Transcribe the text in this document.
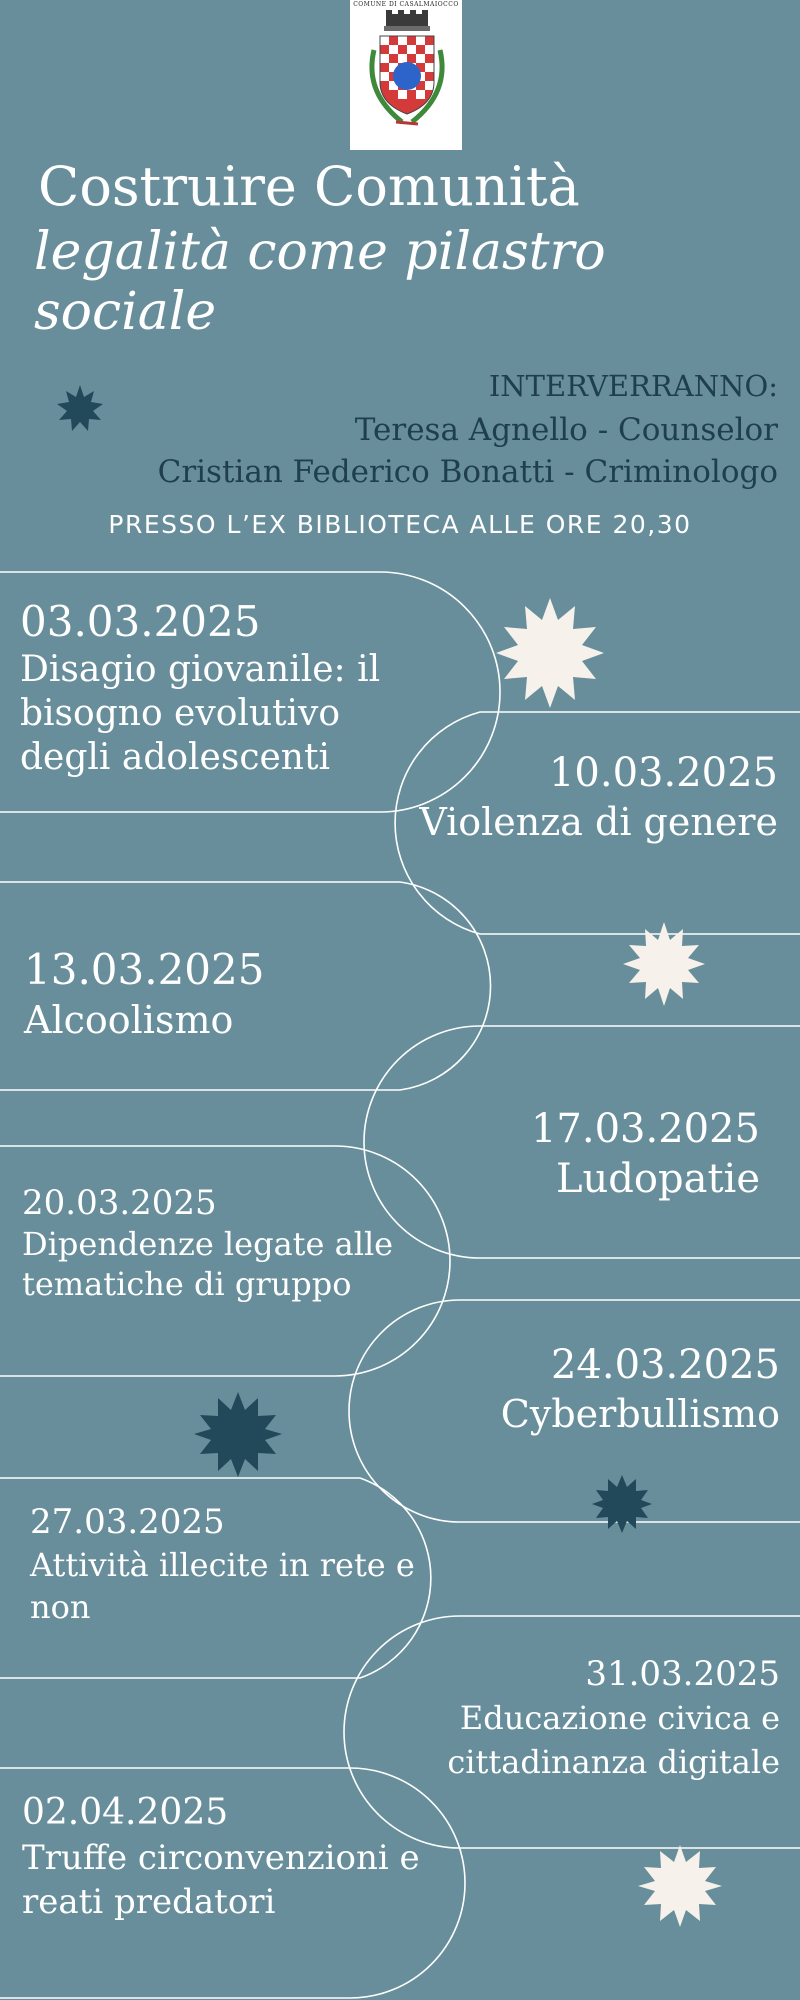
COMUNE DI CASALMAIOCCO
Costruire Comunità
legalità come pilastro sociale
INTERVERRANNO:
Teresa Agnello - Counselor
Cristian Federico Bonatti - Criminologo
PRESSO L’EX BIBLIOTECA ALLE ORE 20,30
03.03.2025
Disagio giovanile: il bisogno evolutivo degli adolescenti	10.03.2025
Violenza di genere
13.03.2025
Alcoolismo
17.03.2025
Ludopatie
20.03.2025
Dipendenze legate alle tematiche di gruppo
24.03.2025
Cyberbullismo
27.03.2025
Attività illecite in rete e non
31.03.2025
Educazione civica e cittadinanza digitale
02.04.2025
Truffe circonvenzioni e reati predatori
